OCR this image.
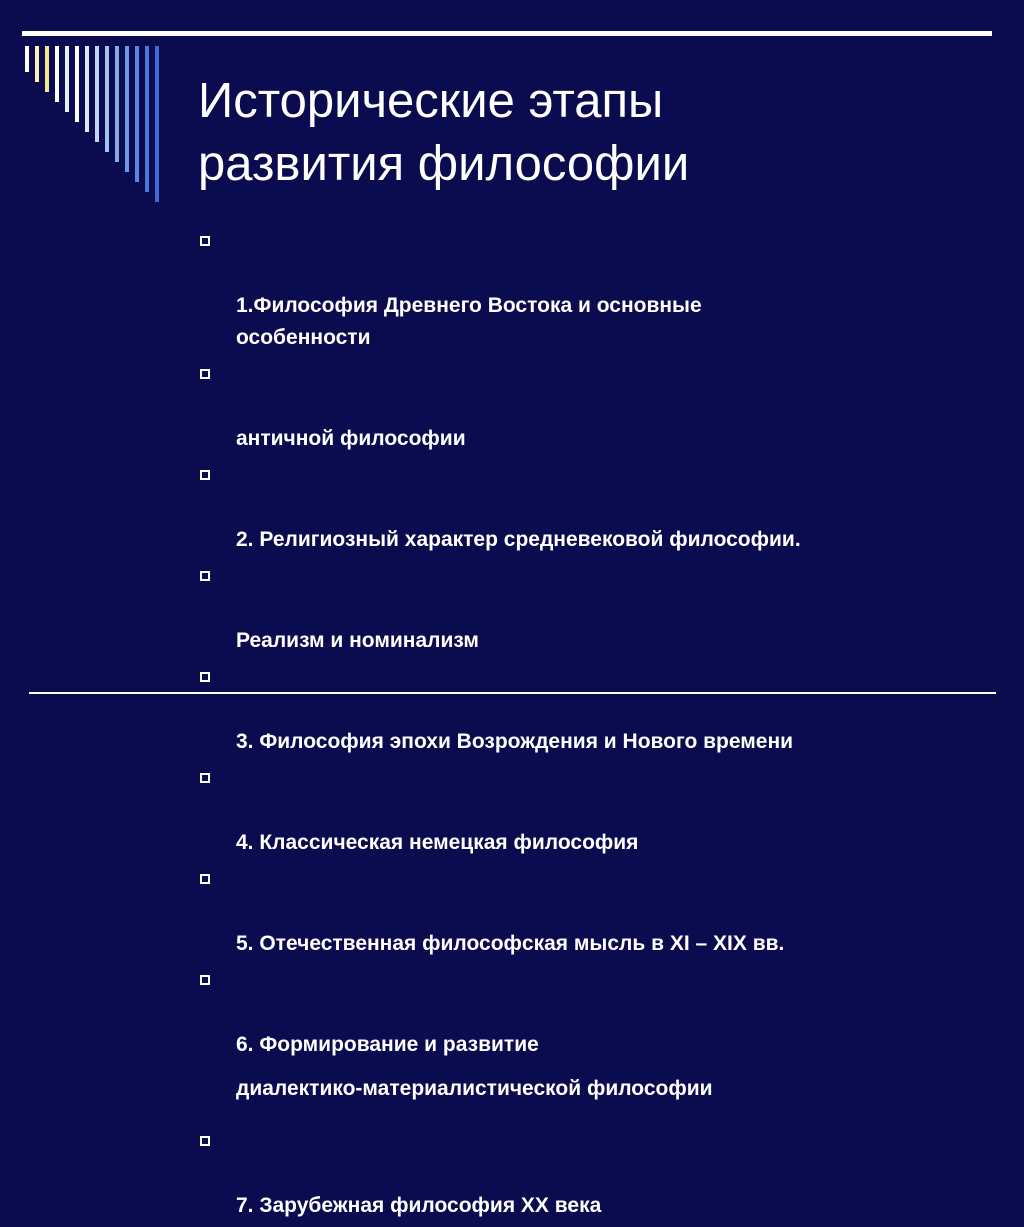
Исторические этапы
развития философии

1.Философия Древнего Востока и основные
особенности

античной философии

2. Религиозный характер средневековой философии.

Реализм и номинализм

3. Философия эпохи Возрождения и Нового времени

4. Классическая немецкая философия

5. Отечественная философская мысль в XI – XIX вв.

6. Формирование и развитие

диалектико-материалистической философии

7. Зарубежная философия XX века
